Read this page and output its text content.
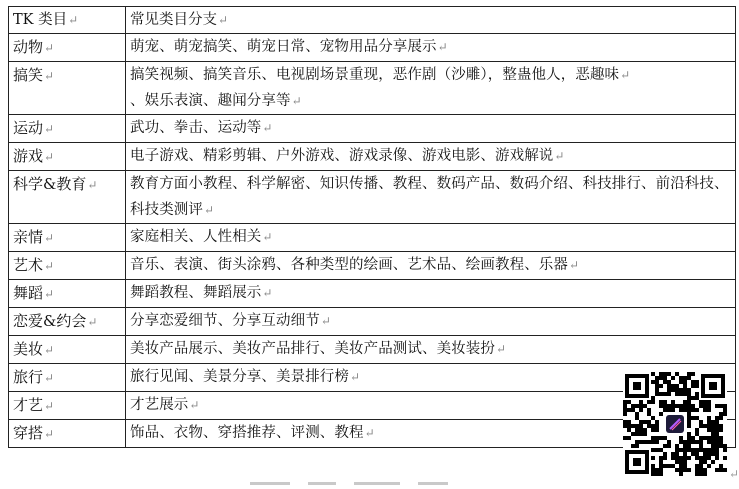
TK 类目↵	常见类目分支↵
动物↵	萌宠、萌宠搞笑、萌宠日常、宠物用品分享展示↵
搞笑↵	搞笑视频、搞笑音乐、电视剧场景重现，恶作剧（沙雕），整蛊他人，恶趣味↵
、娱乐表演、趣闻分享等↵
运动↵	武功、拳击、运动等↵
游戏↵	电子游戏、精彩剪辑、户外游戏、游戏录像、游戏电影、游戏解说↵
科学&教育↵	教育方面小教程、科学解密、知识传播、教程、数码产品、数码介绍、科技排行、前沿科技、科技类测评↵
亲情↵	家庭相关、人性相关↵
艺术↵	音乐、表演、街头涂鸦、各种类型的绘画、艺术品、绘画教程、乐器↵
舞蹈↵	舞蹈教程、舞蹈展示↵
恋爱&约会↵	分享恋爱细节、分享互动细节↵
美妆↵	美妆产品展示、美妆产品排行、美妆产品测试、美妆装扮↵
旅行↵	旅行见闻、美景分享、美景排行榜↵
才艺↵	才艺展示↵
穿搭↵	饰品、衣物、穿搭推荐、评测、教程↵
↵
